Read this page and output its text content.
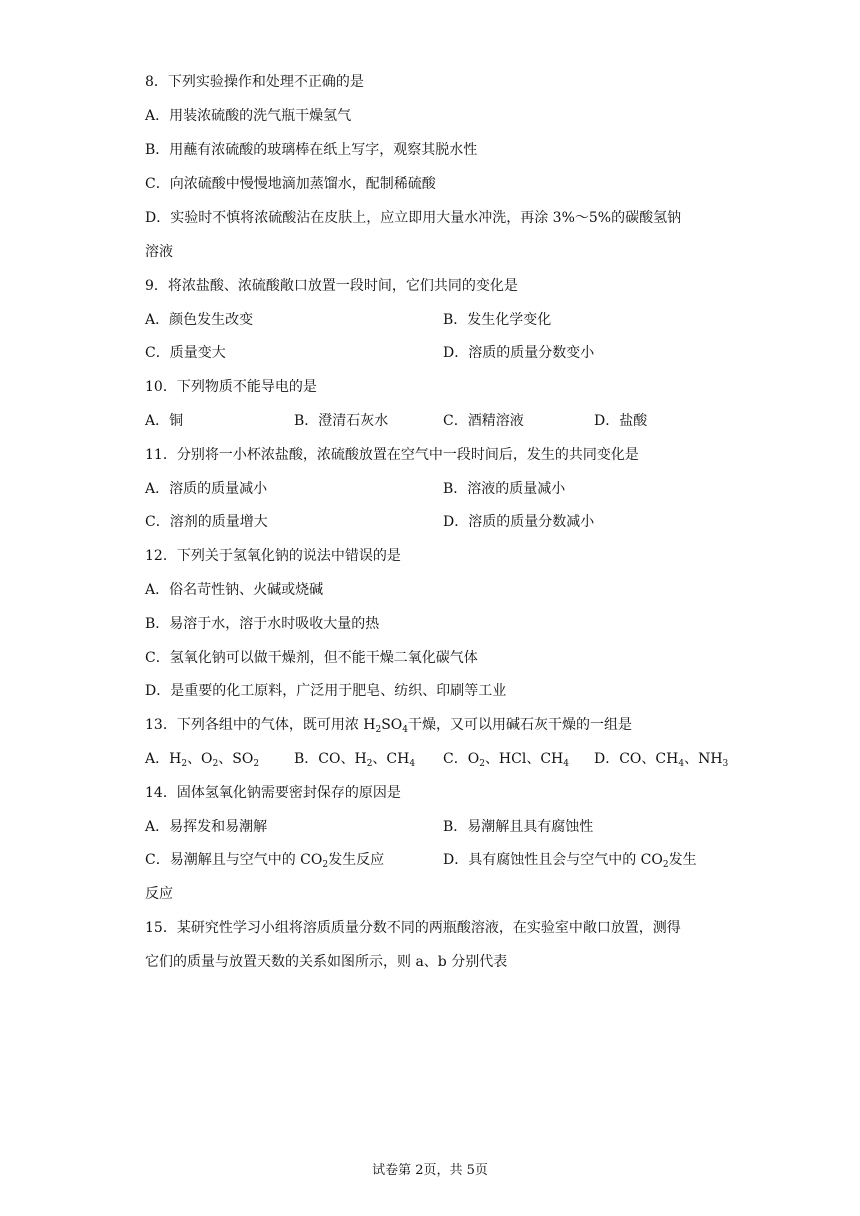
8．下列实验操作和处理不正确的是
A．用装浓硫酸的洗气瓶干燥氢气
B．用蘸有浓硫酸的玻璃棒在纸上写字，观察其脱水性
C．向浓硫酸中慢慢地滴加蒸馏水，配制稀硫酸
D．实验时不慎将浓硫酸沾在皮肤上，应立即用大量水冲洗，再涂 3%～5%的碳酸氢钠
溶液
9．将浓盐酸、浓硫酸敞口放置一段时间，它们共同的变化是
A．颜色发生改变	B．发生化学变化
C．质量变大	D．溶质的质量分数变小
10．下列物质不能导电的是
A．铜	B．澄清石灰水	C．酒精溶液	D．盐酸
11．分别将一小杯浓盐酸，浓硫酸放置在空气中一段时间后，发生的共同变化是
A．溶质的质量减小	B．溶液的质量减小
C．溶剂的质量增大	D．溶质的质量分数减小
12．下列关于氢氧化钠的说法中错误的是
A．俗名苛性钠、火碱或烧碱
B．易溶于水，溶于水时吸收大量的热
C．氢氧化钠可以做干燥剂，但不能干燥二氧化碳气体
D．是重要的化工原料，广泛用于肥皂、纺织、印刷等工业
13．下列各组中的气体，既可用浓 $H_2SO_4$干燥，又可以用碱石灰干燥的一组是
A．$H_2$、$O_2$、$SO_2$ B．CO、$H_2$、$CH_4$ C．$O_2$、HCl、$CH_4$ D．CO、$CH_4$、$NH_3$
14．固体氢氧化钠需要密封保存的原因是
A．易挥发和易潮解	B．易潮解且具有腐蚀性
C．易潮解且与空气中的 $CO_2$发生反应	D．具有腐蚀性且会与空气中的 $CO_2$发生
反应
15．某研究性学习小组将溶质质量分数不同的两瓶酸溶液，在实验室中敞口放置，测得
它们的质量与放置天数的关系如图所示，则 a、b 分别代表
试卷第 2页，共 5页
